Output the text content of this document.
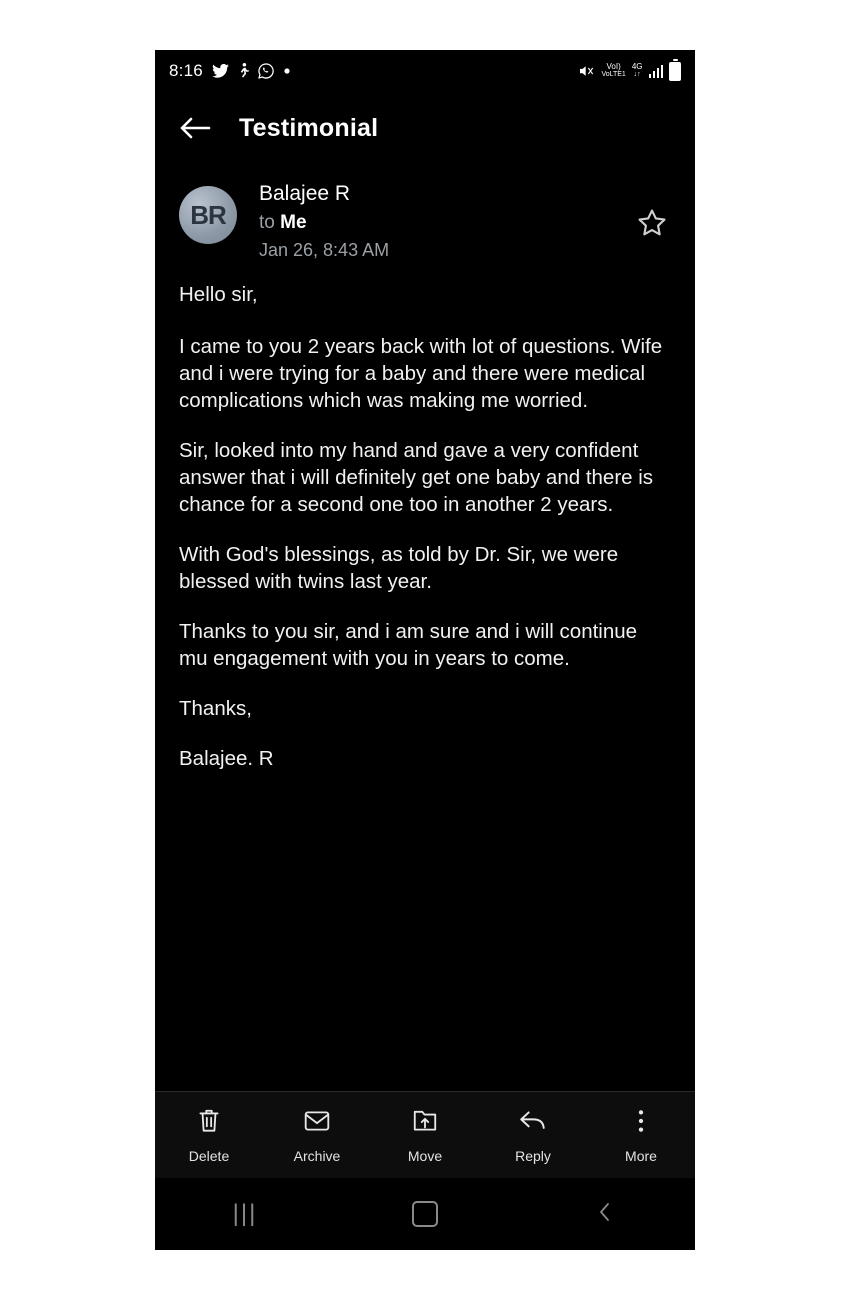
8:16	VoI)
VoLTE1
4G
↓↑
Testimonial
BR
Balajee R
to Me
Jan 26, 8:43 AM

Hello sir,

I came to you 2 years back with lot of questions. Wife and i were trying for a baby and there were medical complications which was making me worried.

Sir, looked into my hand and gave a very confident answer that i will definitely get one baby and there is chance for a second one too in another 2 years.

With God's blessings, as told by Dr. Sir, we were blessed with twins last year.

Thanks to you sir, and i am sure and i will continue mu engagement with you in years to come.

Thanks,

Balajee. R

Delete	Archive	Move	Reply	More
|||
